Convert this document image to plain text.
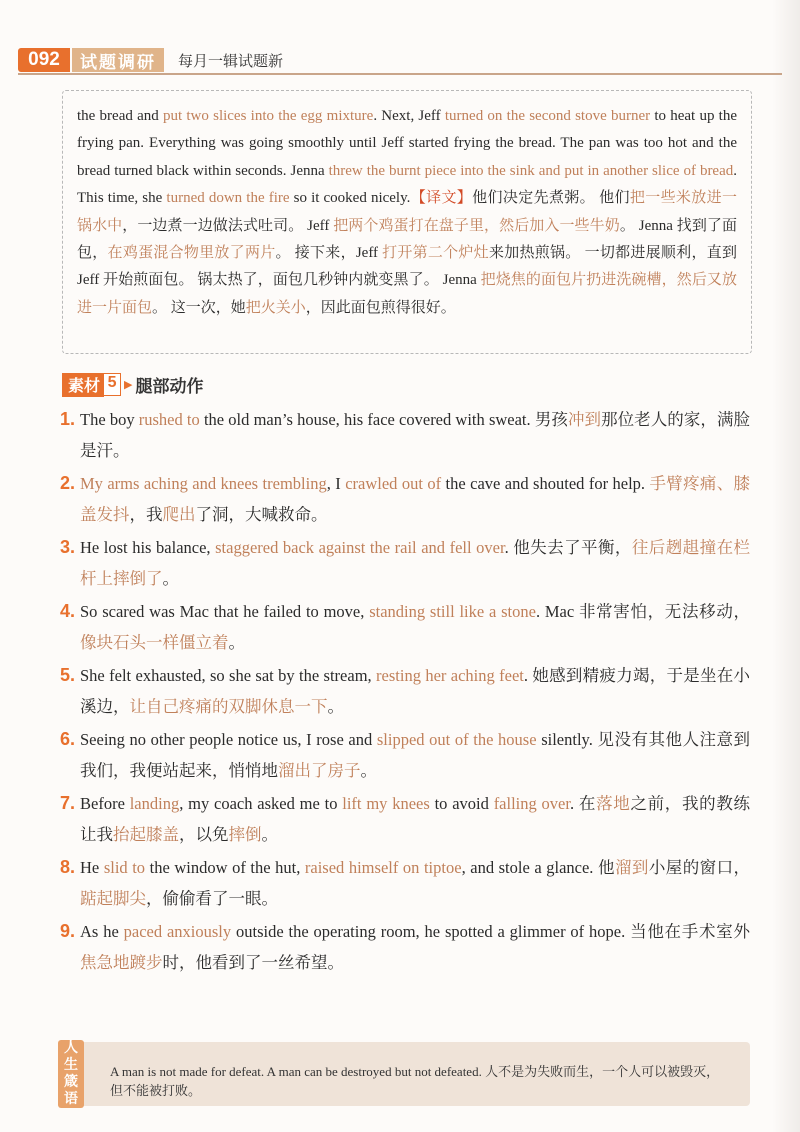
092	试题调研	每月一辑试题新

the bread and put two slices into the egg mixture. Next, Jeff turned on the second stove burner to heat up the frying pan. Everything was going smoothly until Jeff started frying the bread. The pan was too hot and the bread turned black within seconds. Jenna threw the burnt piece into the sink and put in another slice of bread. This time, she turned down the fire so it cooked nicely.【译文】他们决定先煮粥。 他们把一些米放进一锅水中，一边煮一边做法式吐司。 Jeff 把两个鸡蛋打在盘子里，然后加入一些牛奶。 Jenna 找到了面包，在鸡蛋混合物里放了两片。 接下来，Jeff 打开第二个炉灶来加热煎锅。 一切都进展顺利，直到 Jeff 开始煎面包。 锅太热了，面包几秒钟内就变黑了。 Jenna 把烧焦的面包片扔进洗碗槽，然后又放进一片面包。 这一次，她把火关小，因此面包煎得很好。

素材 5 ▶ 腿部动作
1. The boy rushed to the old man’s house, his face covered with sweat. 男孩冲到那位老人的家，满脸是汗。
2. My arms aching and knees trembling, I crawled out of the cave and shouted for help. 手臂疼痛、膝盖发抖，我爬出了洞，大喊救命。
3. He lost his balance, staggered back against the rail and fell over. 他失去了平衡，往后趔趄撞在栏杆上摔倒了。
4. So scared was Mac that he failed to move, standing still like a stone. Mac 非常害怕，无法移动，像块石头一样僵立着。
5. She felt exhausted, so she sat by the stream, resting her aching feet. 她感到精疲力竭，于是坐在小溪边，让自己疼痛的双脚休息一下。
6. Seeing no other people notice us, I rose and slipped out of the house silently. 见没有其他人注意到我们，我便站起来，悄悄地溜出了房子。
7. Before landing, my coach asked me to lift my knees to avoid falling over. 在落地之前，我的教练让我抬起膝盖，以免摔倒。
8. He slid to the window of the hut, raised himself on tiptoe, and stole a glance. 他溜到小屋的窗口，踮起脚尖，偷偷看了一眼。
9. As he paced anxiously outside the operating room, he spotted a glimmer of hope. 当他在手术室外焦急地踱步时，他看到了一丝希望。
人
生
箴
语
A man is not made for defeat. A man can be destroyed but not defeated. 人不是为失败而生，一个人可以被毁灭，但不能被打败。
